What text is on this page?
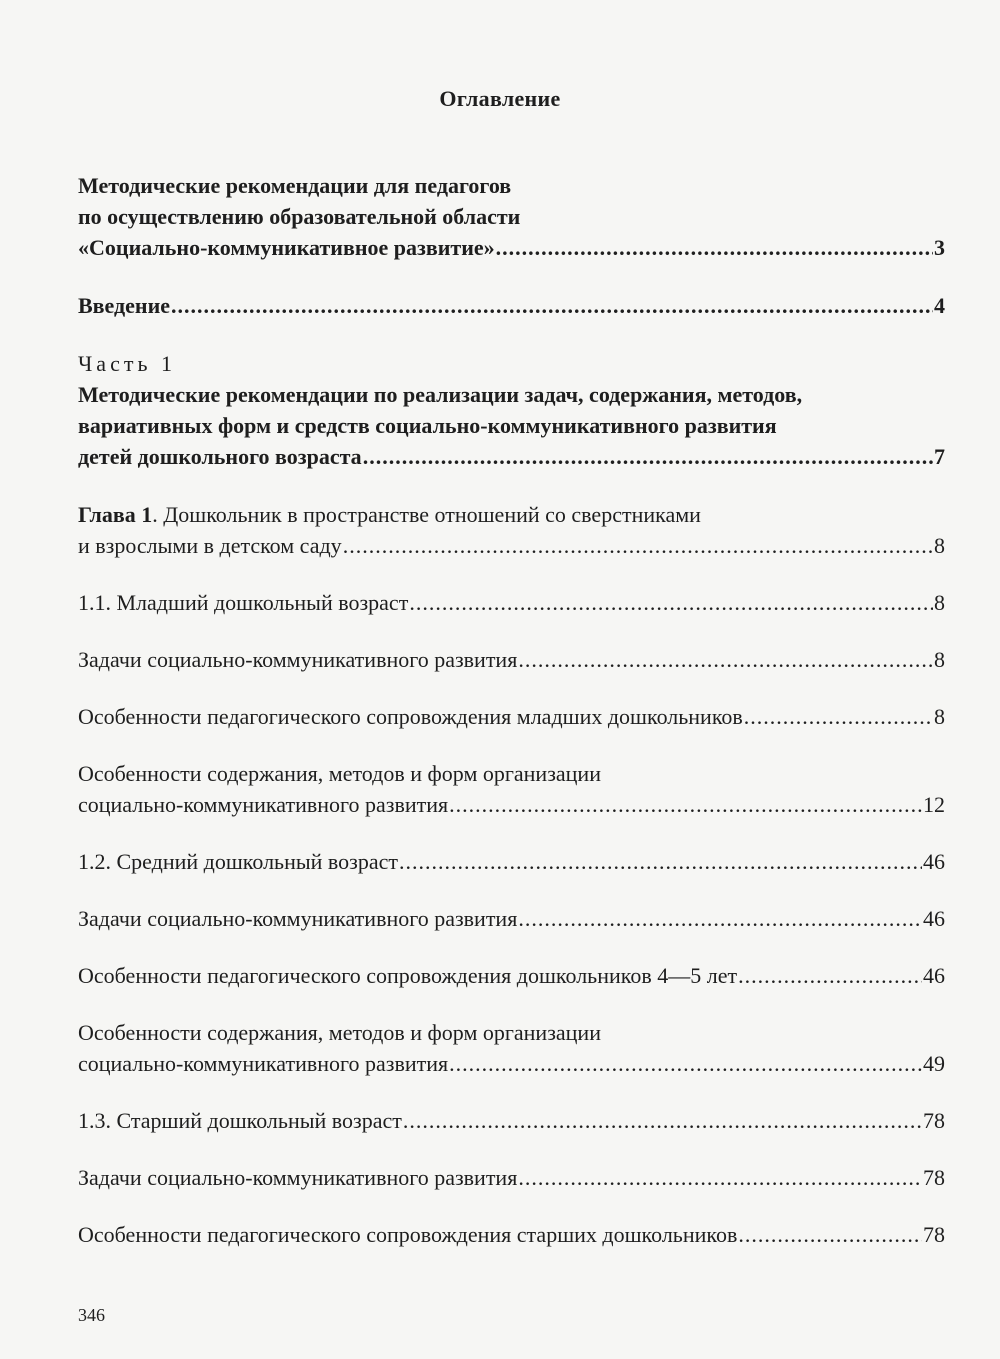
Оглавление
Методические рекомендации для педагогов
по осуществлению образовательной области
«Социально-коммуникативное развитие» .....	3
Введение .....	4
Часть 1
Методические рекомендации по реализации задач, содержания, методов,
вариативных форм и средств социально-коммуникативного развития
детей дошкольного возраста .....	7
Глава 1. Дошкольник в пространстве отношений со сверстниками
и взрослыми в детском саду .....	8
1.1. Младший дошкольный возраст .....	8
Задачи социально-коммуникативного развития .....	8
Особенности педагогического сопровождения младших дошкольников .....	8
Особенности содержания, методов и форм организации
социально-коммуникативного развития .....	12
1.2. Средний дошкольный возраст .....	46
Задачи социально-коммуникативного развития .....	46
Особенности педагогического сопровождения дошкольников 4—5 лет .....	46
Особенности содержания, методов и форм организации
социально-коммуникативного развития .....	49
1.3. Старший дошкольный возраст .....	78
Задачи социально-коммуникативного развития .....	78
Особенности педагогического сопровождения старших дошкольников .....	78
346
